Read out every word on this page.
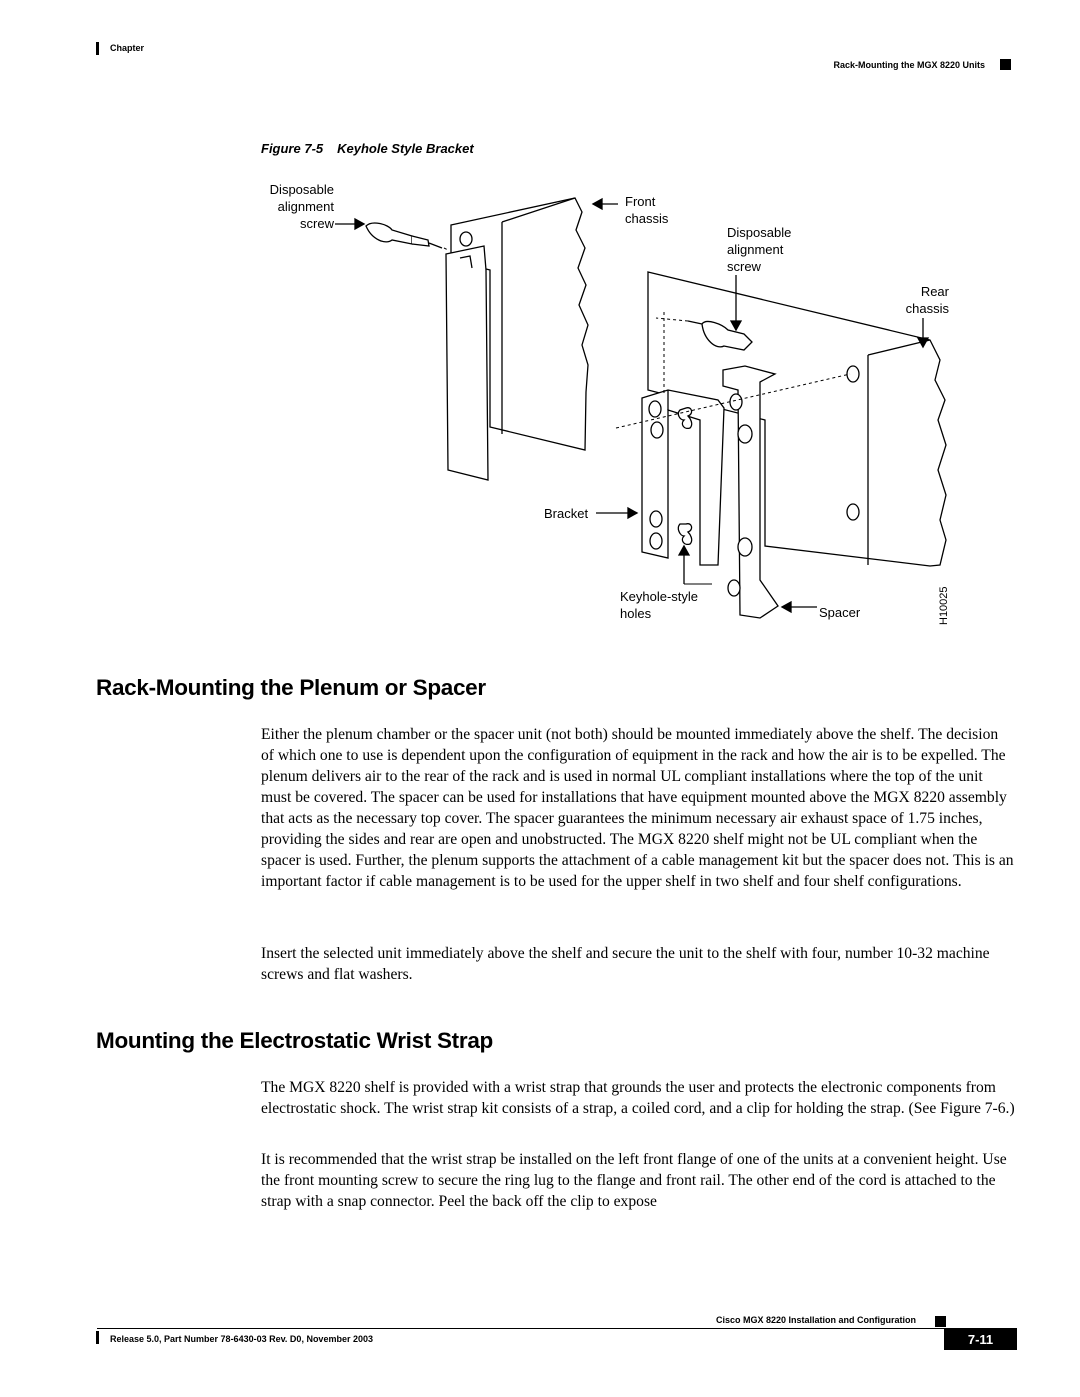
Chapter
Rack-Mounting the MGX 8220 Units
Figure 7-5 Keyhole Style Bracket
Disposable
alignment
screw
Front
chassis
Disposable
alignment
screw
Rear
chassis
Bracket
Keyhole-style
holes	Spacer	H10025
Rack-Mounting the Plenum or Spacer

Either the plenum chamber or the spacer unit (not both) should be mounted immediately above the shelf. The decision of which one to use is dependent upon the configuration of equipment in the rack and how the air is to be expelled. The plenum delivers air to the rear of the rack and is used in normal UL compliant installations where the top of the unit must be covered. The spacer can be used for installations that have equipment mounted above the MGX 8220 assembly that acts as the necessary top cover. The spacer guarantees the minimum necessary air exhaust space of 1.75 inches, providing the sides and rear are open and unobstructed. The MGX 8220 shelf might not be UL compliant when the spacer is used. Further, the plenum supports the attachment of a cable management kit but the spacer does not. This is an important factor if cable management is to be used for the upper shelf in two shelf and four shelf configurations.

Insert the selected unit immediately above the shelf and secure the unit to the shelf with four, number 10-32 machine screws and flat washers.

Mounting the Electrostatic Wrist Strap

The MGX 8220 shelf is provided with a wrist strap that grounds the user and protects the electronic components from electrostatic shock. The wrist strap kit consists of a strap, a coiled cord, and a clip for holding the strap. (See Figure 7-6.)

It is recommended that the wrist strap be installed on the left front flange of one of the units at a convenient height. Use the front mounting screw to secure the ring lug to the flange and front rail. The other end of the cord is attached to the strap with a snap connector. Peel the back off the clip to expose

Cisco MGX 8220 Installation and Configuration
Release 5.0, Part Number 78-6430-03 Rev. D0, November 2003	7-11
